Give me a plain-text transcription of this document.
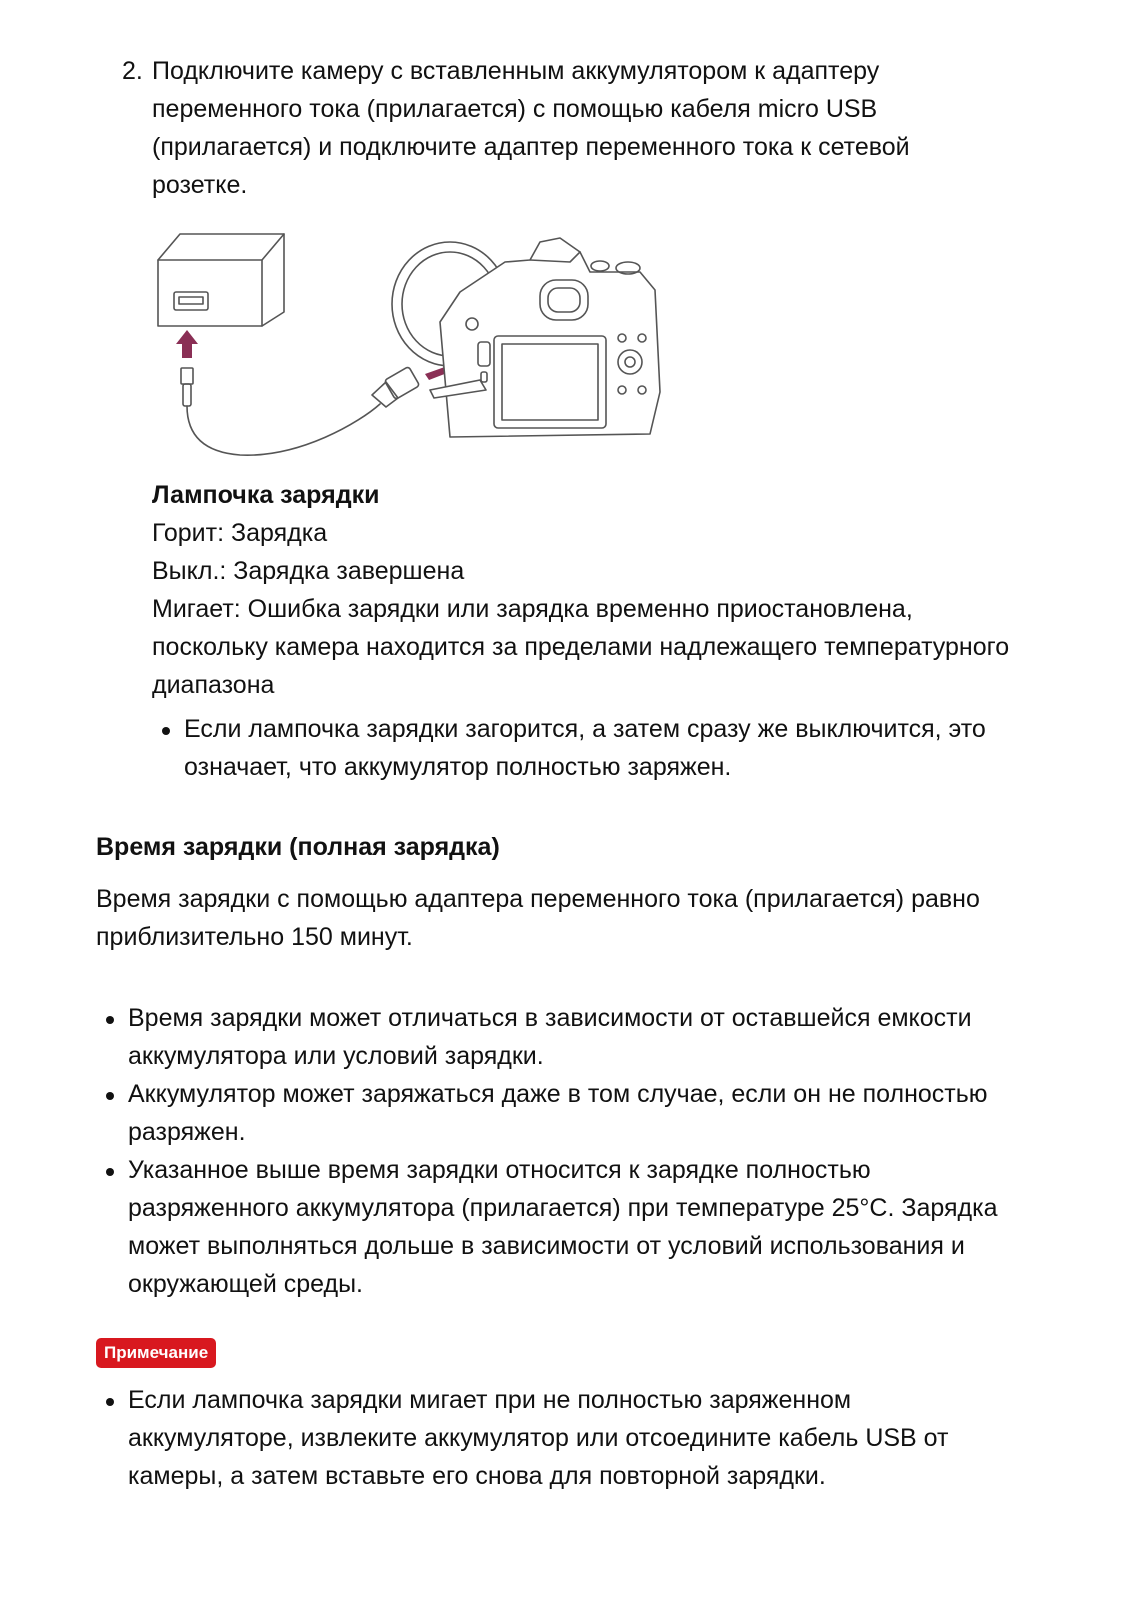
2. Подключите камеру с вставленным аккумулятором к адаптеру

переменного тока (прилагается) с помощью кабеля micro USB

(прилагается) и подключите адаптер переменного тока к сетевой

розетке.

Лампочка зарядки

Горит: Зарядка

Выкл.: Зарядка завершена

Мигает: Ошибка зарядки или зарядка временно приостановлена,

поскольку камера находится за пределами надлежащего температурного

диапазона

Если лампочка зарядки загорится, а затем сразу же выключится, это

означает, что аккумулятор полностью заряжен.

Время зарядки (полная зарядка)

Время зарядки с помощью адаптера переменного тока (прилагается) равно

приблизительно 150 минут.

Время зарядки может отличаться в зависимости от оставшейся емкости

аккумулятора или условий зарядки.

Аккумулятор может заряжаться даже в том случае, если он не полностью

разряжен.

Указанное выше время зарядки относится к зарядке полностью

разряженного аккумулятора (прилагается) при температуре 25°C. Зарядка

может выполняться дольше в зависимости от условий использования и

окружающей среды.

Примечание

Если лампочка зарядки мигает при не полностью заряженном

аккумуляторе, извлеките аккумулятор или отсоедините кабель USB от

камеры, а затем вставьте его снова для повторной зарядки.
